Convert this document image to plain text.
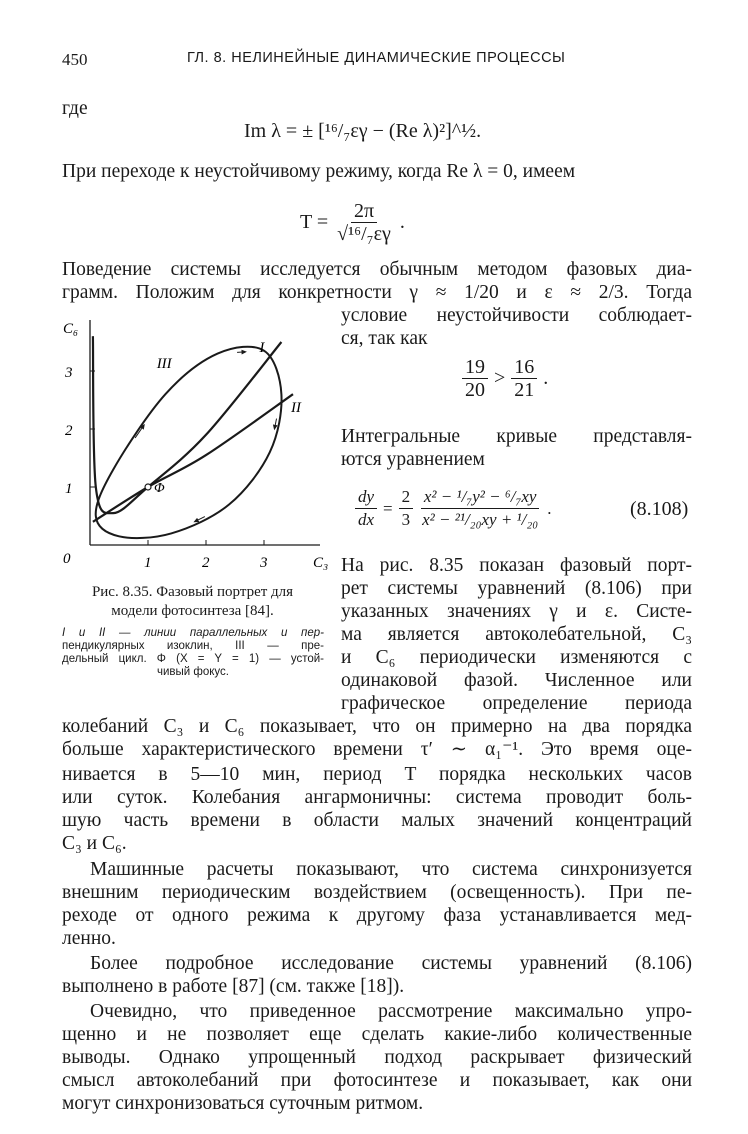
450	ГЛ. 8. НЕЛИНЕЙНЫЕ ДИНАМИЧЕСКИЕ ПРОЦЕССЫ
где
Im λ = ± [¹⁶/₇εγ − (Re λ)²]^½.
При переходе к неустойчивому режиму, когда Re λ = 0, имеем
$T = \frac{2\pi}{\text{√¹⁶/₇εγ}}$ .
Поведение системы исследуется обычным методом фазовых диа-
грамм. Положим для конкретности γ ≈ 1/20 и ε ≈ 2/3. Тогда
условие неустойчивости соблюдает-
ся, так как
$\frac{19}{20} > \frac{16}{21}$ .
Интегральные кривые представля-
ются уравнением
$\frac{dy}{dx} = \frac{2}{3} \frac{\text{x² − ¹/₇y² − ⁶/₇xy}}{\text{x² − ²¹/₂₀xy + ¹/₂₀}}$ .	(8.108)
На рис. 8.35 показан фазовый порт-
рет системы уравнений (8.106) при
указанных значениях γ и ε. Систе-
ма является автоколебательной, C₃
и C₆ периодически изменяются с
одинаковой фазой. Численное или
графическое определение периода
колебаний C₃ и C₆ показывает, что он примерно на два порядка
больше характеристического времени τ′ ∼ α₁⁻¹. Это время оце-
нивается в 5—10 мин, период T порядка нескольких часов
или суток. Колебания ангармоничны: система проводит боль-
шую часть времени в области малых значений концентраций
C₃ и C₆.
Машинные расчеты показывают, что система синхронизуется
внешним периодическим воздействием (освещенность). При пе-
реходе от одного режима к другому фаза устанавливается мед-
ленно.
Более подробное исследование системы уравнений (8.106)
выполнено в работе [87] (см. также [18]).
Очевидно, что приведенное рассмотрение максимально упро-
щенно и не позволяет еще сделать какие-либо количественные
выводы. Однако упрощенный подход раскрывает физический
смысл автоколебаний при фотосинтезе и показывает, как они
могут синхронизоваться суточным ритмом.
C₆
C₃
0	1	2	3
1
2
3
I
II
III
Φ
Рис. 8.35. Фазовый портрет для
модели фотосинтеза [84].
I и II — линии параллельных и пер-
пендикулярных изоклин, III — пре-
дельный цикл. Φ (X = Y = 1) — устой-
чивый фокус.
